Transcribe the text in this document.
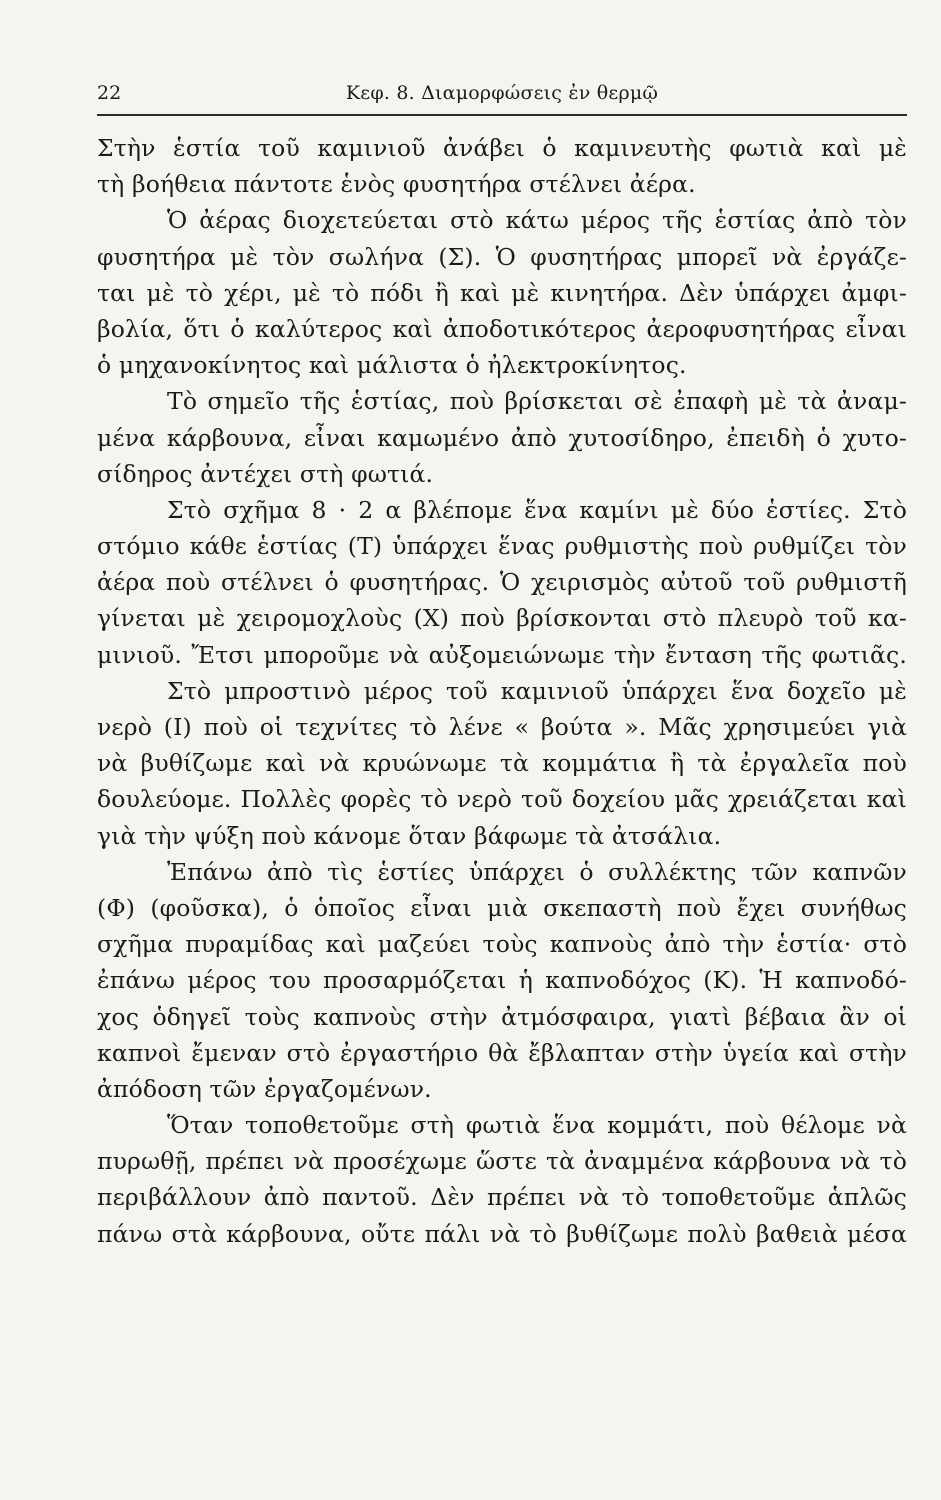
22	Κεφ. 8. Διαμορφώσεις ἐν θερμῷ
Στὴν ἑστία τοῦ καμινιοῦ ἀνάβει ὁ καμινευτὴς φωτιὰ καὶ μὲ
τὴ βοήθεια πάντοτε ἑνὸς φυσητήρα στέλνει ἀέρα.
Ὁ ἀέρας διοχετεύεται στὸ κάτω μέρος τῆς ἑστίας ἀπὸ τὸν
φυσητήρα μὲ τὸν σωλήνα (Σ). Ὁ φυσητήρας μπορεῖ νὰ ἐργάζε-
ται μὲ τὸ χέρι, μὲ τὸ πόδι ἢ καὶ μὲ κινητήρα. Δὲν ὑπάρχει ἀμφι-
βολία, ὅτι ὁ καλύτερος καὶ ἀποδοτικότερος ἀεροφυσητήρας εἶναι
ὁ μηχανοκίνητος καὶ μάλιστα ὁ ἠλεκτροκίνητος.
Τὸ σημεῖο τῆς ἑστίας, ποὺ βρίσκεται σὲ ἐπαφὴ μὲ τὰ ἀναμ-
μένα κάρβουνα, εἶναι καμωμένο ἀπὸ χυτοσίδηρο, ἐπειδὴ ὁ χυτο-
σίδηρος ἀντέχει στὴ φωτιά.
Στὸ σχῆμα 8 · 2 α βλέπομε ἕνα καμίνι μὲ δύο ἑστίες. Στὸ
στόμιο κάθε ἑστίας (Τ) ὑπάρχει ἕνας ρυθμιστὴς ποὺ ρυθμίζει τὸν
ἀέρα ποὺ στέλνει ὁ φυσητήρας. Ὁ χειρισμὸς αὐτοῦ τοῦ ρυθμιστῆ
γίνεται μὲ χειρομοχλοὺς (Χ) ποὺ βρίσκονται στὸ πλευρὸ τοῦ κα-
μινιοῦ. Ἔτσι μποροῦμε νὰ αὐξομειώνωμε τὴν ἔνταση τῆς φωτιᾶς.
Στὸ μπροστινὸ μέρος τοῦ καμινιοῦ ὑπάρχει ἕνα δοχεῖο μὲ
νερὸ (Ι) ποὺ οἱ τεχνίτες τὸ λένε « βούτα ». Μᾶς χρησιμεύει γιὰ
νὰ βυθίζωμε καὶ νὰ κρυώνωμε τὰ κομμάτια ἢ τὰ ἐργαλεῖα ποὺ
δουλεύομε. Πολλὲς φορὲς τὸ νερὸ τοῦ δοχείου μᾶς χρειάζεται καὶ
γιὰ τὴν ψύξη ποὺ κάνομε ὅταν βάφωμε τὰ ἀτσάλια.
Ἐπάνω ἀπὸ τὶς ἑστίες ὑπάρχει ὁ συλλέκτης τῶν καπνῶν
(Φ) (φοῦσκα), ὁ ὁποῖος εἶναι μιὰ σκεπαστὴ ποὺ ἔχει συνήθως
σχῆμα πυραμίδας καὶ μαζεύει τοὺς καπνοὺς ἀπὸ τὴν ἑστία· στὸ
ἐπάνω μέρος του προσαρμόζεται ἡ καπνοδόχος (Κ). Ἡ καπνοδό-
χος ὁδηγεῖ τοὺς καπνοὺς στὴν ἀτμόσφαιρα, γιατὶ βέβαια ἂν οἱ
καπνοὶ ἔμεναν στὸ ἐργαστήριο θὰ ἔβλαπταν στὴν ὑγεία καὶ στὴν
ἀπόδοση τῶν ἐργαζομένων.
Ὅταν τοποθετοῦμε στὴ φωτιὰ ἕνα κομμάτι, ποὺ θέλομε νὰ
πυρωθῇ, πρέπει νὰ προσέχωμε ὥστε τὰ ἀναμμένα κάρβουνα νὰ τὸ
περιβάλλουν ἀπὸ παντοῦ. Δὲν πρέπει νὰ τὸ τοποθετοῦμε ἁπλῶς
πάνω στὰ κάρβουνα, οὔτε πάλι νὰ τὸ βυθίζωμε πολὺ βαθειὰ μέσα
